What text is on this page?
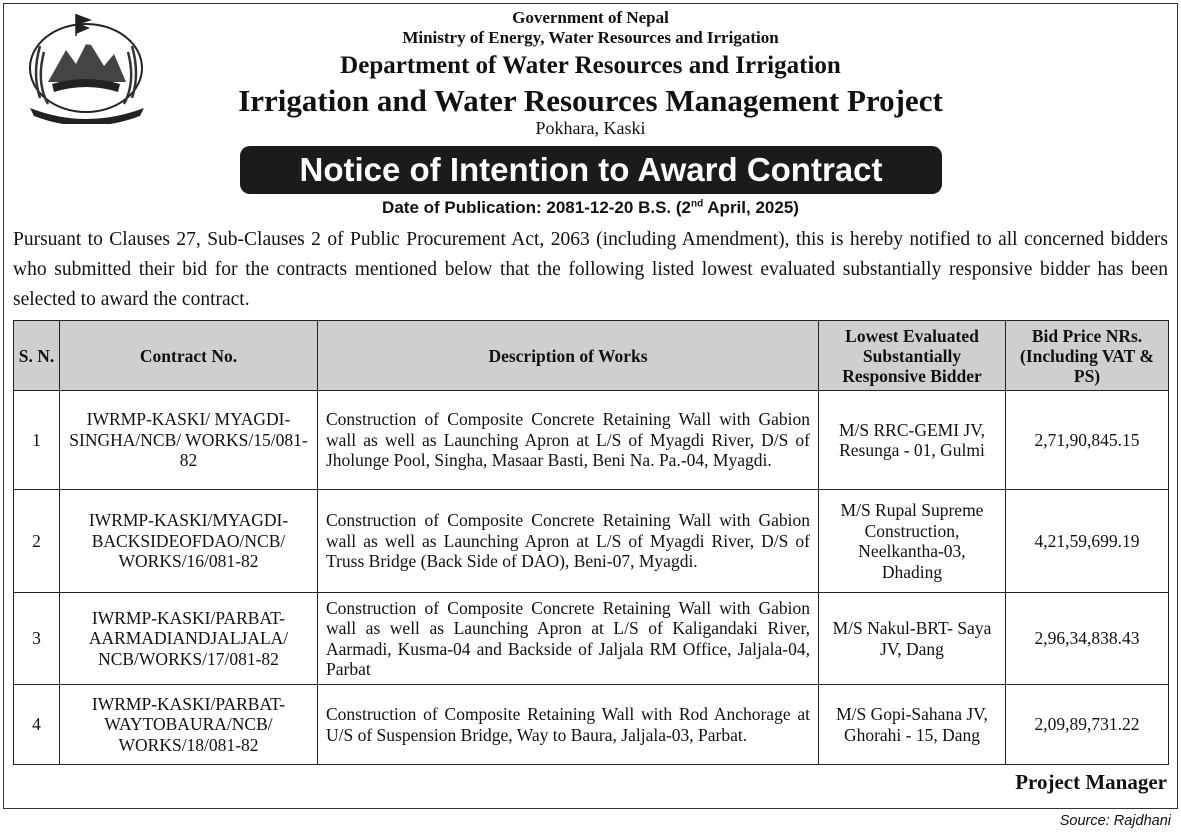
Government of Nepal
Ministry of Energy, Water Resources and Irrigation
Department of Water Resources and Irrigation
Irrigation and Water Resources Management Project
Pokhara, Kaski
Notice of Intention to Award Contract
Date of Publication: 2081-12-20 B.S. (2nd April, 2025)
Pursuant to Clauses 27, Sub-Clauses 2 of Public Procurement Act, 2063 (including Amendment), this is hereby notified to all concerned bidders who submitted their bid for the contracts mentioned below that the following listed lowest evaluated substantially responsive bidder has been selected to award the contract.
S. N.	Contract No.	Description of Works	Lowest Evaluated Substantially Responsive Bidder	Bid Price NRs. (Including VAT & PS)
1	IWRMP-KASKI/ MYAGDI-SINGHA/NCB/ WORKS/15/081-82	Construction of Composite Concrete Retaining Wall with Gabion wall as well as Launching Apron at L/S of Myagdi River, D/S of Jholunge Pool, Singha, Masaar Basti, Beni Na. Pa.-04, Myagdi.	M/S RRC-GEMI JV, Resunga - 01, Gulmi	2,71,90,845.15
2	IWRMP-KASKI/MYAGDI- BACKSIDEOFDAO/NCB/ WORKS/16/081-82	Construction of Composite Concrete Retaining Wall with Gabion wall as well as Launching Apron at L/S of Myagdi River, D/S of Truss Bridge (Back Side of DAO), Beni-07, Myagdi.	M/S Rupal Supreme Construction, Neelkantha-03, Dhading	4,21,59,699.19
3	IWRMP-KASKI/PARBAT- AARMADIANDJALJALA/ NCB/WORKS/17/081-82	Construction of Composite Concrete Retaining Wall with Gabion wall as well as Launching Apron at L/S of Kaligandaki River, Aarmadi, Kusma-04 and Backside of Jaljala RM Office, Jaljala-04, Parbat	M/S Nakul-BRT- Saya JV, Dang	2,96,34,838.43
4	IWRMP-KASKI/PARBAT- WAYTOBAURA/NCB/ WORKS/18/081-82	Construction of Composite Retaining Wall with Rod Anchorage at U/S of Suspension Bridge, Way to Baura, Jaljala-03, Parbat.	M/S Gopi-Sahana JV, Ghorahi - 15, Dang	2,09,89,731.22
Project Manager
Source: Rajdhani
